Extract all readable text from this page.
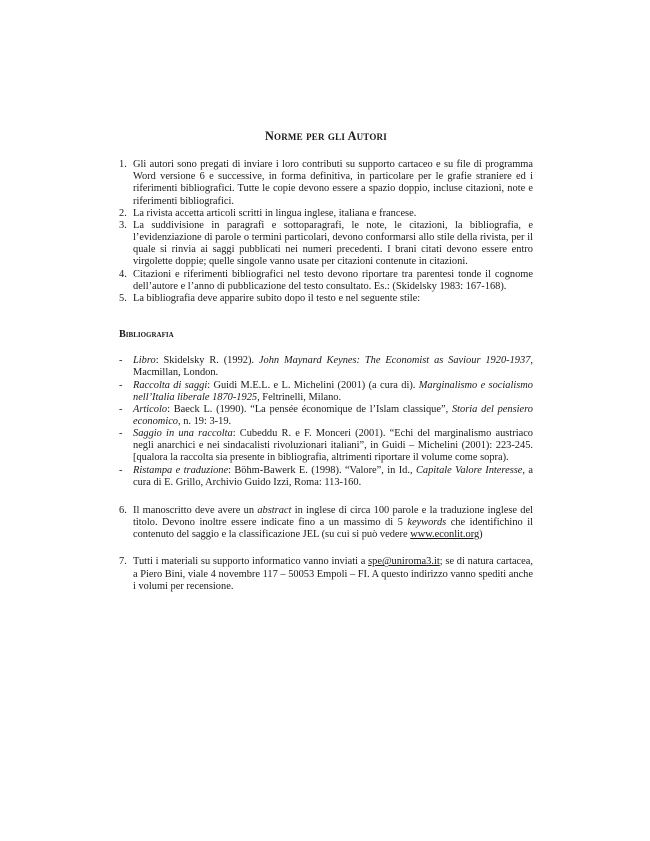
Norme per gli Autori
1. Gli autori sono pregati di inviare i loro contributi su supporto cartaceo e su file di programma Word versione 6 e successive, in forma definitiva, in particolare per le grafie straniere ed i riferimenti bibliografici. Tutte le copie devono essere a spazio doppio, incluse citazioni, note e riferimenti bibliografici.
2. La rivista accetta articoli scritti in lingua inglese, italiana e francese.
3. La suddivisione in paragrafi e sottoparagrafi, le note, le citazioni, la bibliografia, e l’evidenziazione di parole o termini particolari, devono conformarsi allo stile della rivista, per il quale si rinvia ai saggi pubblicati nei numeri precedenti. I brani citati devono essere entro virgolette doppie; quelle singole vanno usate per citazioni contenute in citazioni.
4. Citazioni e riferimenti bibliografici nel testo devono riportare tra parentesi tonde il cognome dell’autore e l’anno di pubblicazione del testo consultato. Es.: (Skidelsky 1983: 167-168).
5. La bibliografia deve apparire subito dopo il testo e nel seguente stile:
Bibliografia
- Libro: Skidelsky R. (1992). John Maynard Keynes: The Economist as Saviour 1920-1937, Macmillan, London.
- Raccolta di saggi: Guidi M.E.L. e L. Michelini (2001) (a cura di). Marginalismo e socialismo nell’Italia liberale 1870-1925, Feltrinelli, Milano.
- Articolo: Baeck L. (1990). “La pensée économique de l’Islam classique”, Storia del pensiero economico, n. 19: 3-19.
- Saggio in una raccolta: Cubeddu R. e F. Monceri (2001). “Echi del marginalismo austriaco negli anarchici e nei sindacalisti rivoluzionari italiani”, in Guidi – Michelini (2001): 223-245. [qualora la raccolta sia presente in bibliografia, altrimenti riportare il volume come sopra).
- Ristampa e traduzione: Böhm-Bawerk E. (1998). “Valore”, in Id., Capitale Valore Interesse, a cura di E. Grillo, Archivio Guido Izzi, Roma: 113-160.
6. Il manoscritto deve avere un abstract in inglese di circa 100 parole e la traduzione inglese del titolo. Devono inoltre essere indicate fino a un massimo di 5 keywords che identifichino il contenuto del saggio e la classificazione JEL (su cui si può vedere www.econlit.org)
7. Tutti i materiali su supporto informatico vanno inviati a spe@uniroma3.it; se di natura cartacea, a Piero Bini, viale 4 novembre 117 – 50053 Empoli – FI. A questo indirizzo vanno spediti anche i volumi per recensione.
